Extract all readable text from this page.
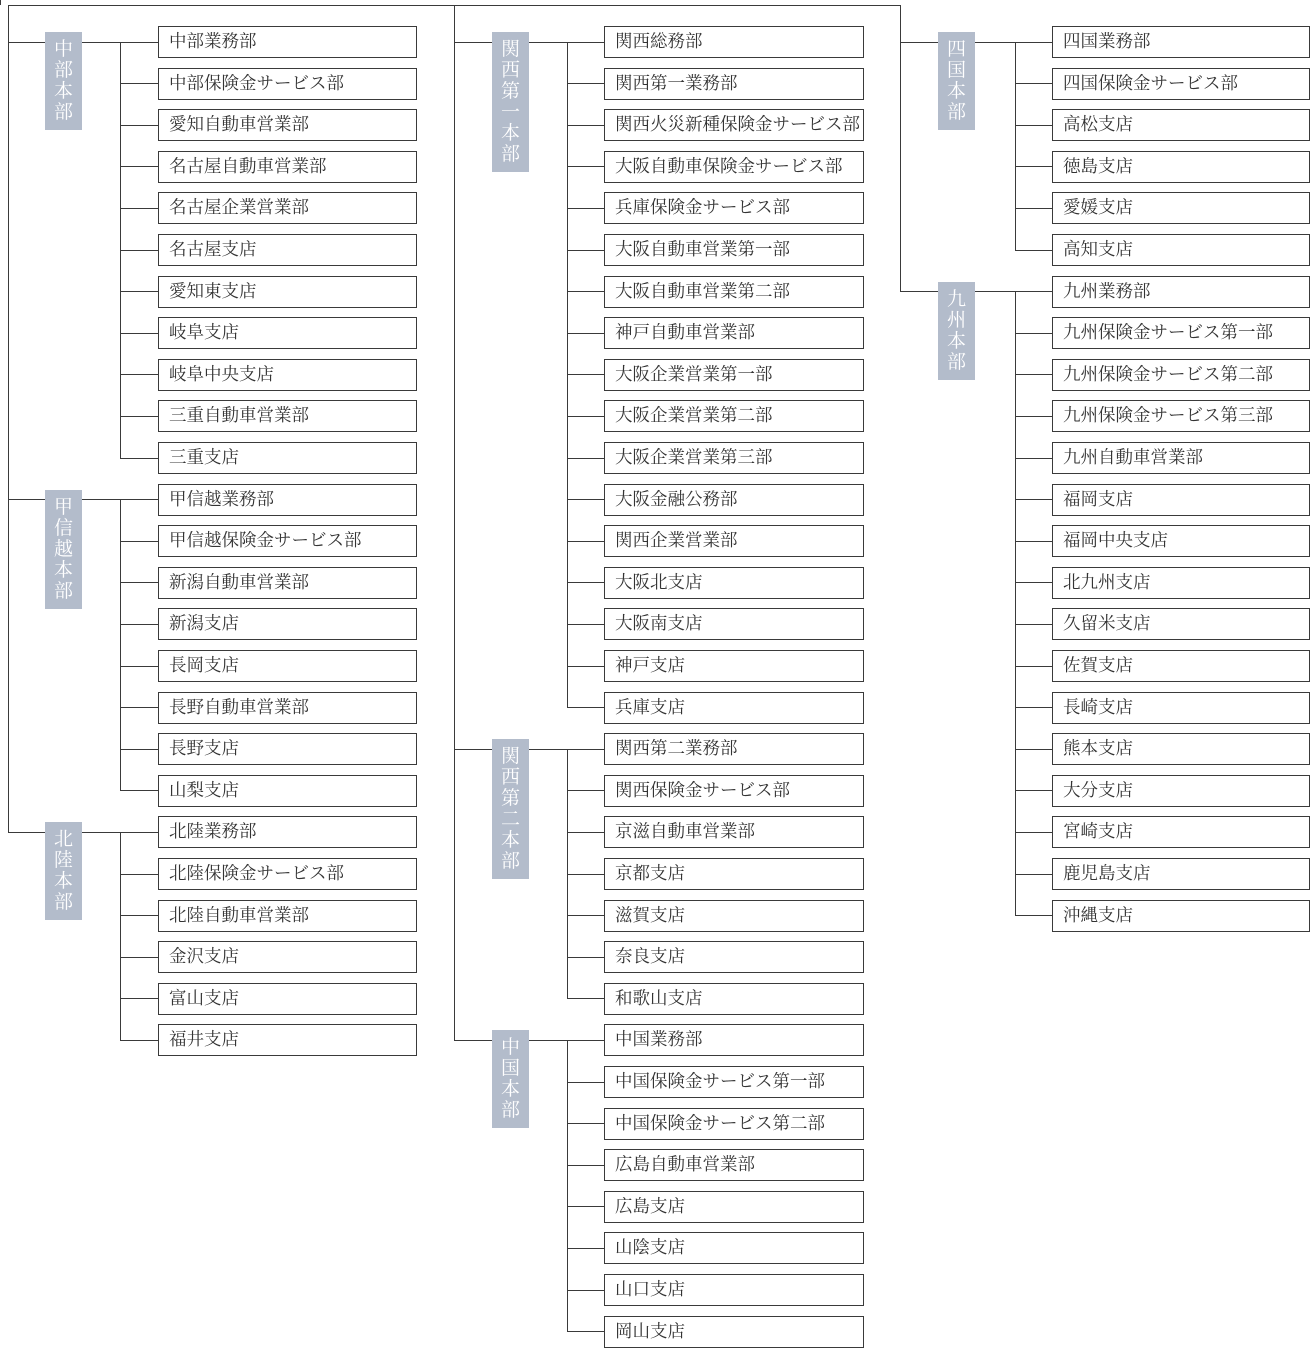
中
部
本
部
中部業務部
中部保険金サービス部
愛知自動車営業部
名古屋自動車営業部
名古屋企業営業部
名古屋支店
愛知東支店
岐阜支店
岐阜中央支店
三重自動車営業部
三重支店
甲
信
越
本
部
甲信越業務部
甲信越保険金サービス部
新潟自動車営業部
新潟支店
長岡支店
長野自動車営業部
長野支店
山梨支店
北
陸
本
部
北陸業務部
北陸保険金サービス部
北陸自動車営業部
金沢支店
富山支店
福井支店
関
西
第
一
本
部
関西総務部
関西第一業務部
関西火災新種保険金サービス部
大阪自動車保険金サービス部
兵庫保険金サービス部
大阪自動車営業第一部
大阪自動車営業第二部
神戸自動車営業部
大阪企業営業第一部
大阪企業営業第二部
大阪企業営業第三部
大阪金融公務部
関西企業営業部
大阪北支店
大阪南支店
神戸支店
兵庫支店
関
西
第
二
本
部
関西第二業務部
関西保険金サービス部
京滋自動車営業部
京都支店
滋賀支店
奈良支店
和歌山支店
中
国
本
部
中国業務部
中国保険金サービス第一部
中国保険金サービス第二部
広島自動車営業部
広島支店
山陰支店
山口支店
岡山支店
四
国
本
部
四国業務部
四国保険金サービス部
高松支店
徳島支店
愛媛支店
高知支店
九
州
本
部
九州業務部
九州保険金サービス第一部
九州保険金サービス第二部
九州保険金サービス第三部
九州自動車営業部
福岡支店
福岡中央支店
北九州支店
久留米支店
佐賀支店
長崎支店
熊本支店
大分支店
宮崎支店
鹿児島支店
沖縄支店
